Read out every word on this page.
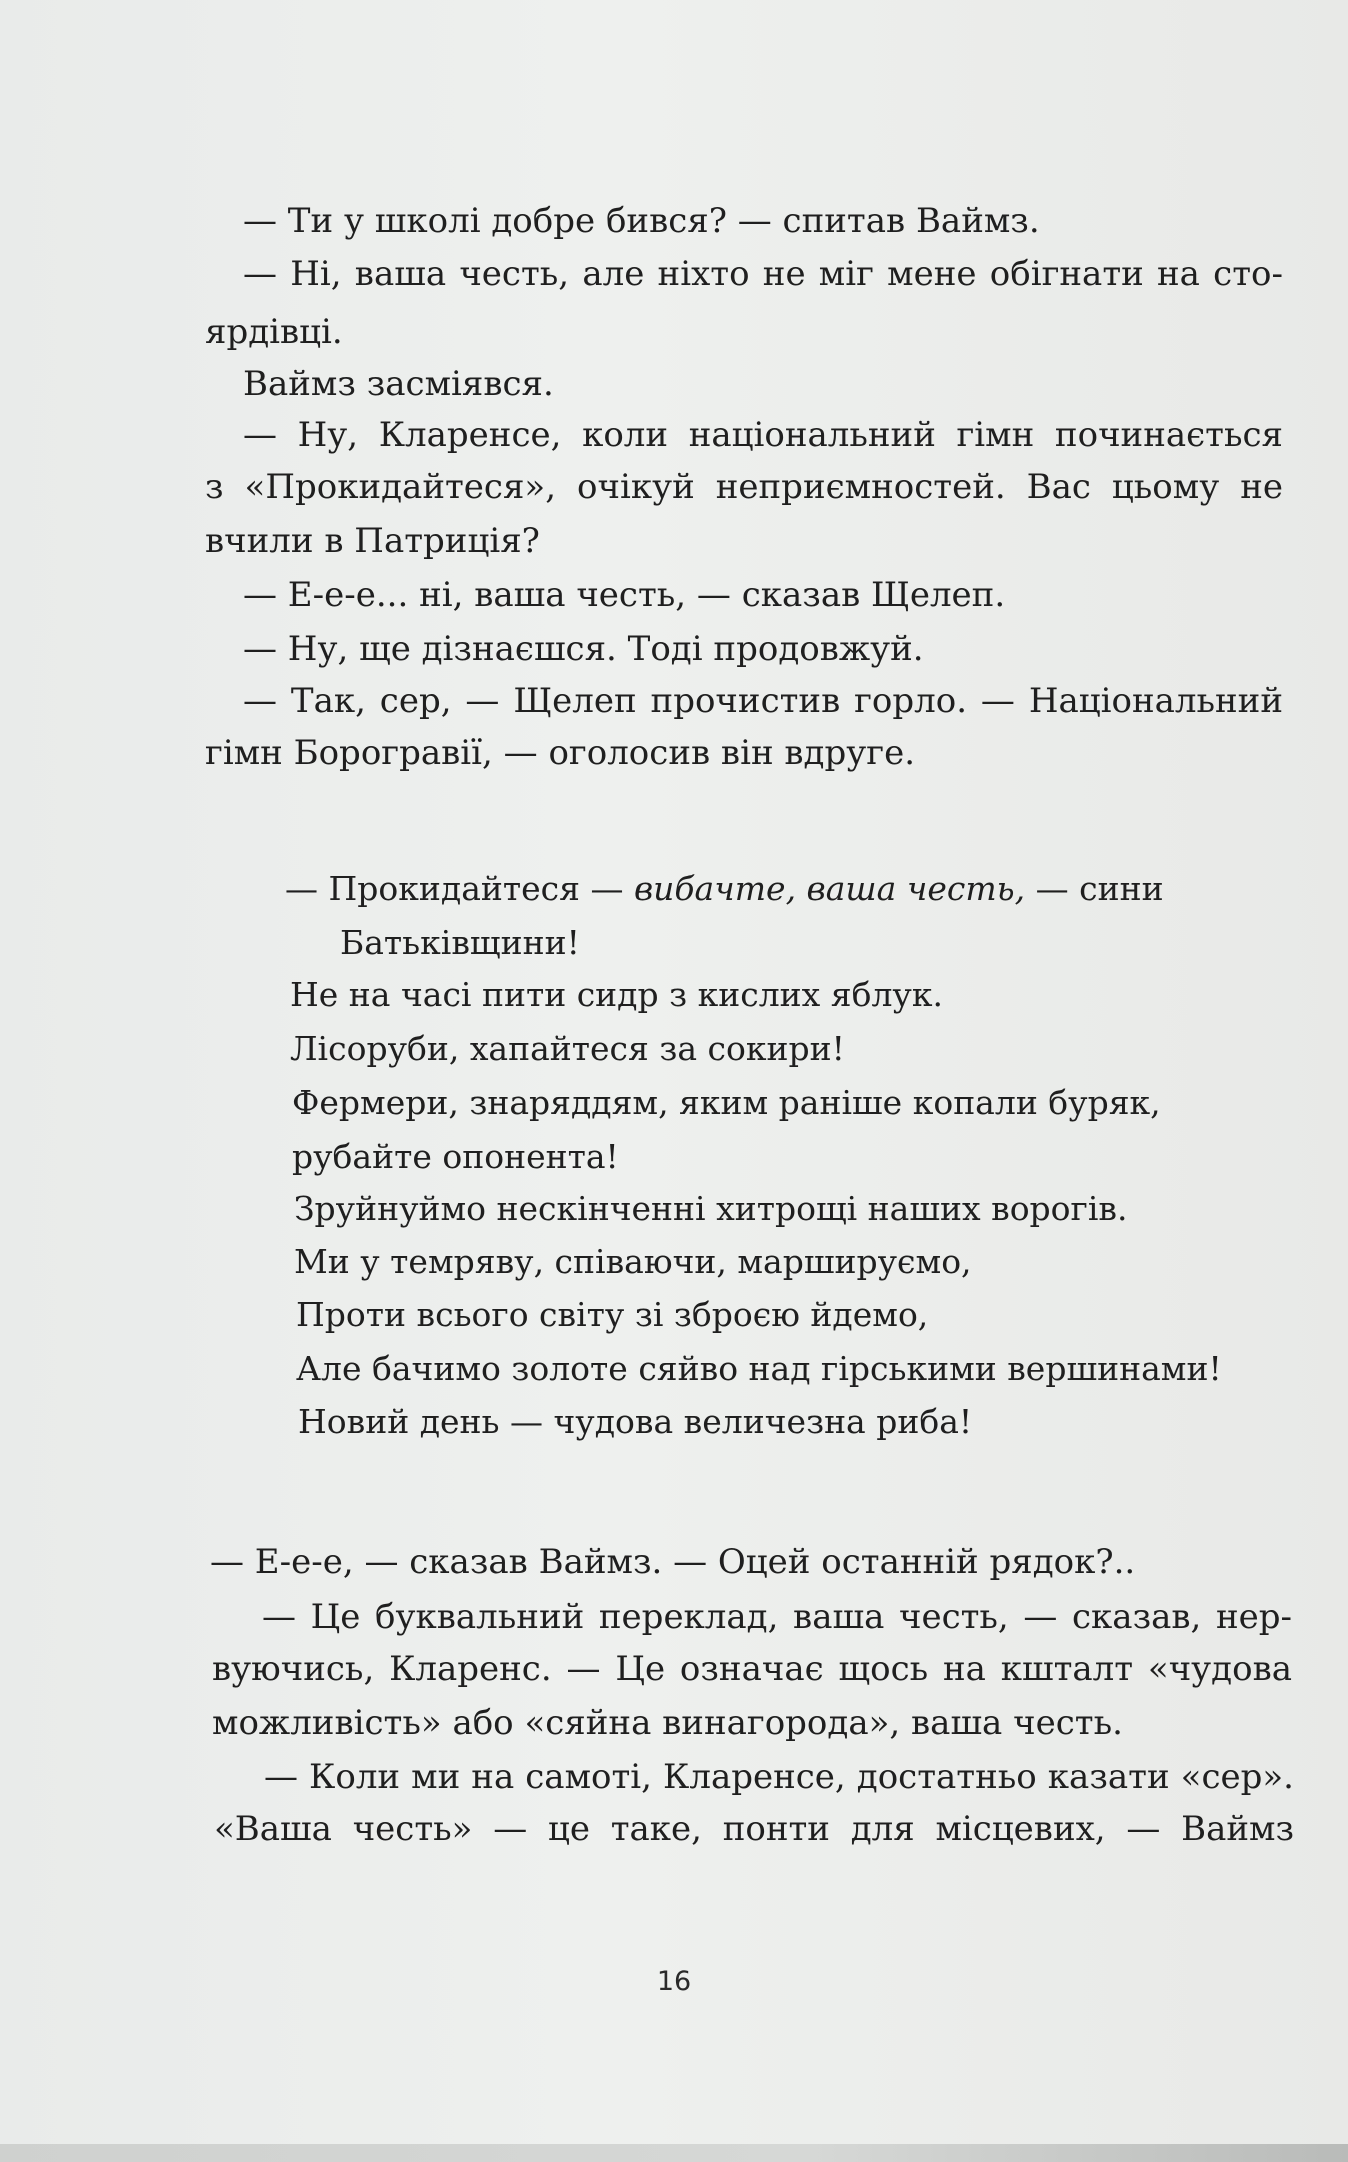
— Ти у школі добре бився? — спитав Ваймз.
— Ні, ваша честь, але ніхто не міг мене обігнати на сто-
ярдівці.
Ваймз засміявся.
— Ну, Кларенсе, коли національний гімн починається
з «Прокидайтеся», очікуй неприємностей. Вас цьому не
вчили в Патриція?
— Е-е-е... ні, ваша честь, — сказав Щелеп.
— Ну, ще дізнаєшся. Тоді продовжуй.
— Так, сер, — Щелеп прочистив горло. — Національний
гімн Борогравії, — оголосив він вдруге.
— Прокидайтеся — вибачте, ваша честь, — сини
Батьківщини!
Не на часі пити сидр з кислих яблук.
Лісоруби, хапайтеся за сокири!
Фермери, знаряддям, яким раніше копали буряк,
рубайте опонента!
Зруйнуймо нескінченні хитрощі наших ворогів.
Ми у темряву, співаючи, маршируємо,
Проти всього світу зі зброєю йдемо,
Але бачимо золоте сяйво над гірськими вершинами!
Новий день — чудова величезна риба!
— Е-е-е, — сказав Ваймз. — Оцей останній рядок?..
— Це буквальний переклад, ваша честь, — сказав, нер-
вуючись, Кларенс. — Це означає щось на кшталт «чудова
можливість» або «сяйна винагорода», ваша честь.
— Коли ми на самоті, Кларенсе, достатньо казати «сер».
«Ваша честь» — це таке, понти для місцевих, — Ваймз
16
